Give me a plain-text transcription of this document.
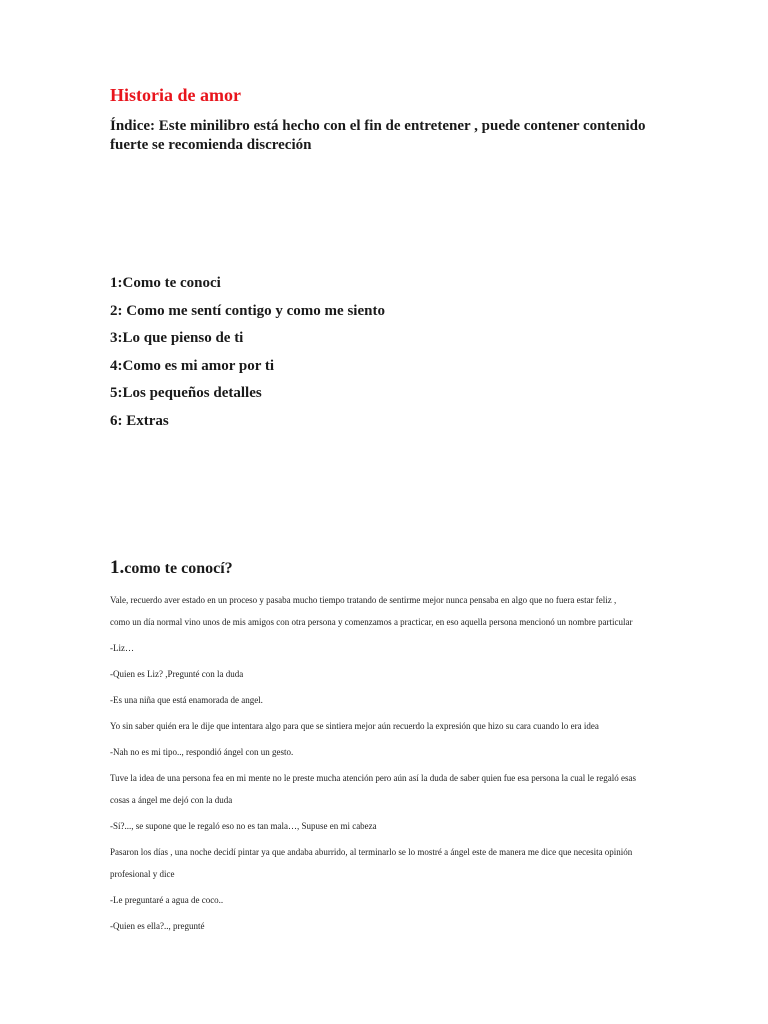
Historia de amor

Índice: Este minilibro está hecho con el fin de entretener , puede contener contenido fuerte se recomienda discreción

1:Como te conoci
2: Como me sentí contigo y como me siento
3:Lo que pienso de ti
4:Como es mi amor por ti
5:Los pequeños detalles
6: Extras
1.como te conocí?

Vale, recuerdo aver estado en un proceso y pasaba mucho tiempo tratando de sentirme mejor nunca pensaba en algo que no fuera estar feliz ,

como un día normal vino unos de mis amigos con otra persona y comenzamos a practicar, en eso aquella persona mencionó un nombre particular

-Liz…

-Quien es Liz? ,Pregunté con la duda

-Es una niña que está enamorada de angel.

Yo sin saber quién era le dije que intentara algo para que se sintiera mejor aún recuerdo la expresión que hizo su cara cuando lo era idea

-Nah no es mi tipo.., respondió ángel con un gesto.

Tuve la idea de una persona fea en mi mente no le preste mucha atención pero aún así la duda de saber quien fue esa persona la cual le regaló esas

cosas a ángel me dejó con la duda

-Sí?..., se supone que le regaló eso no es tan mala…, Supuse en mi cabeza

Pasaron los días , una noche decidí pintar ya que andaba aburrido, al terminarlo se lo mostré a ángel este de manera me dice que necesita opinión

profesional y dice

-Le preguntaré a agua de coco..

-Quien es ella?.., pregunté
